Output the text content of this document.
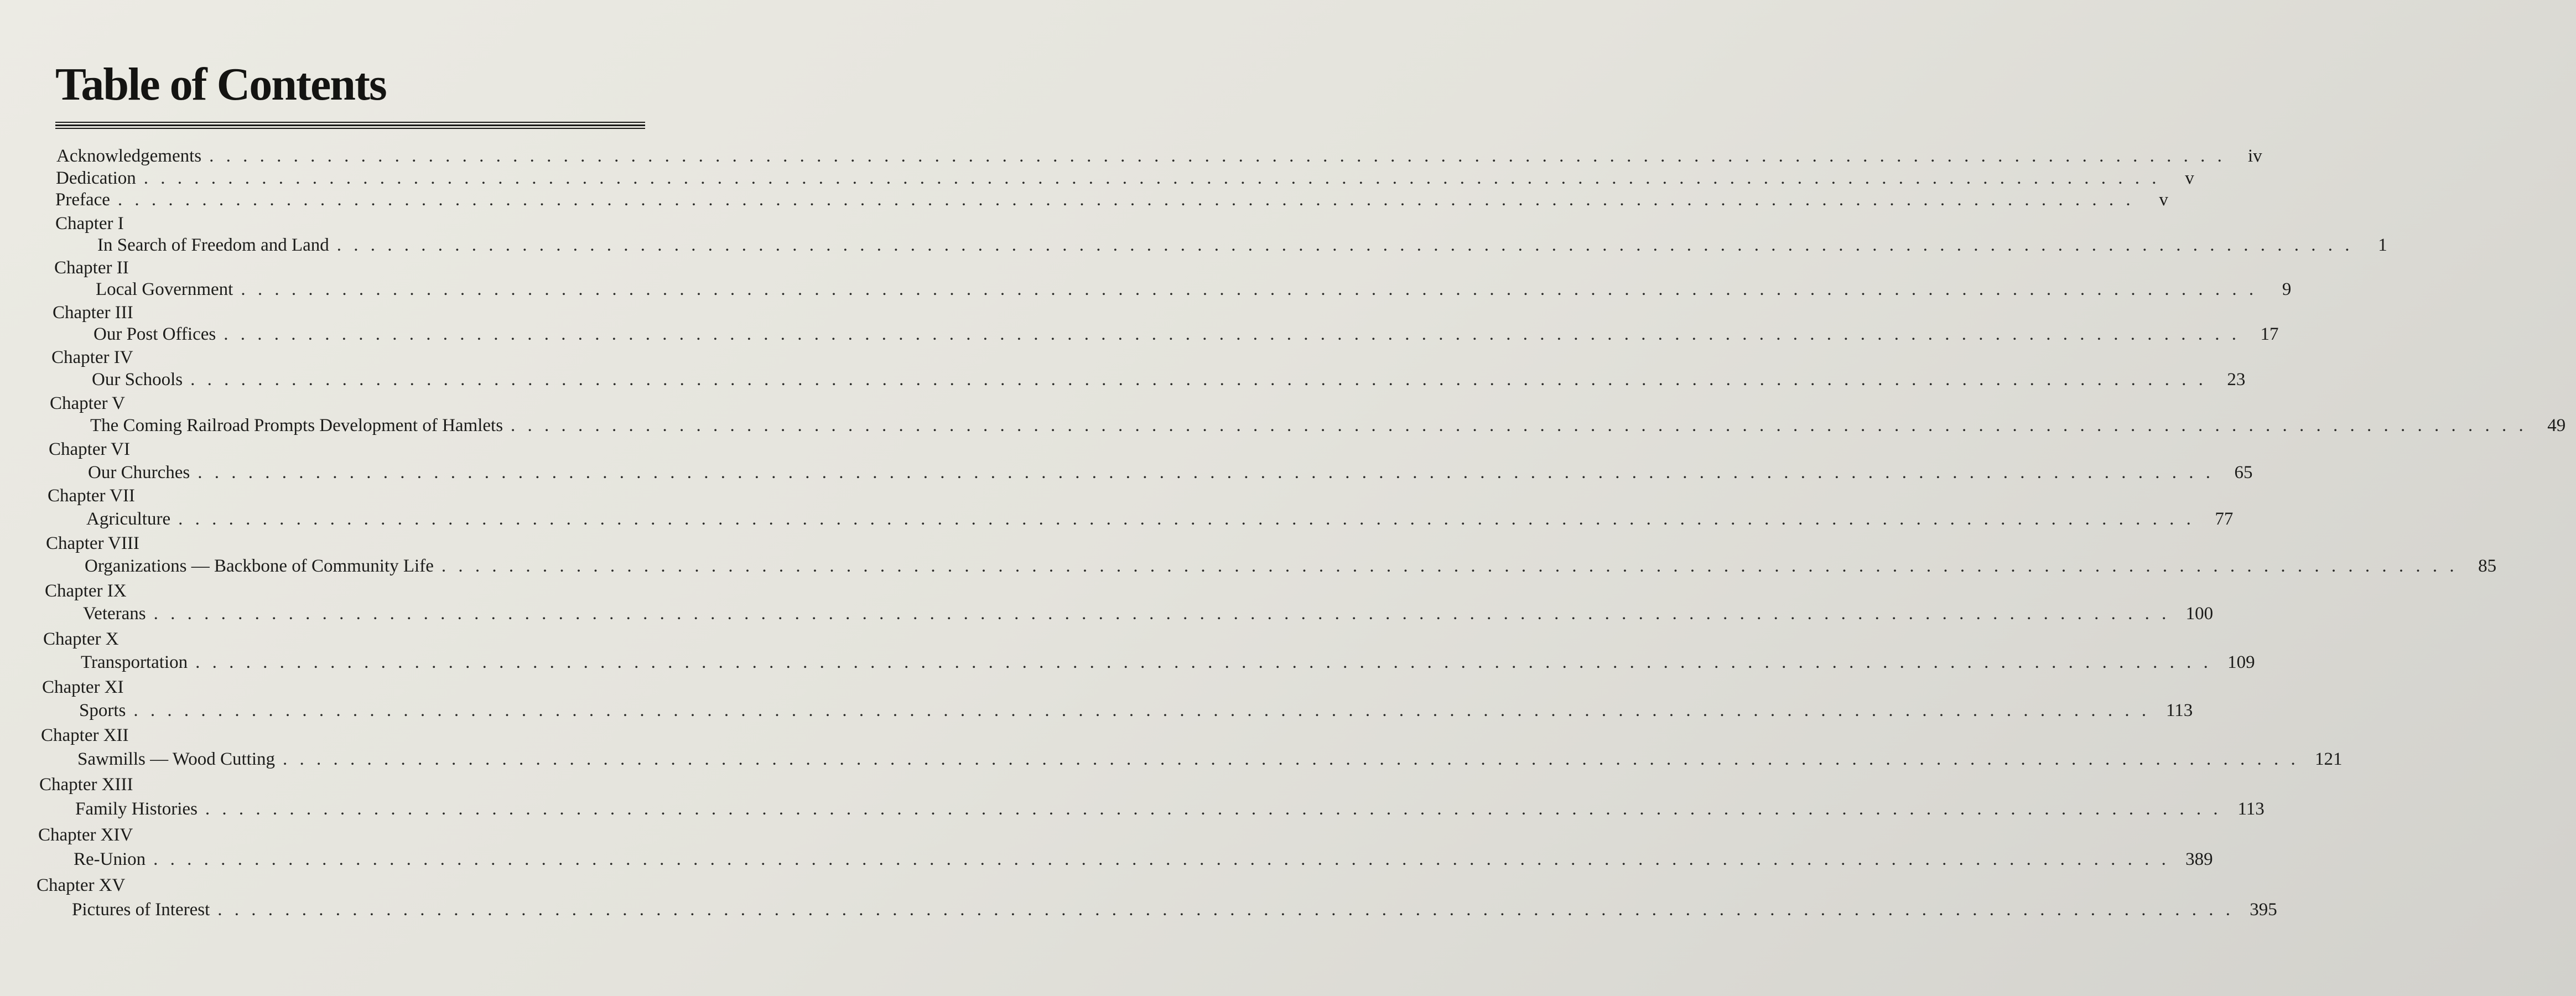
Table of Contents
Acknowledgements . . . . . . . . . . . . . . . . . . . . . . . . . . . . . . . . . . . . . . . . . . . . . . . . . . . . . . . . . . . . . . . . . . . . . . . . . . . . . . . . . . . . . . . . . . . . . . . . . . . . . . . . . . . . . . . . . . . . . . . .	iv
Dedication . . . . . . . . . . . . . . . . . . . . . . . . . . . . . . . . . . . . . . . . . . . . . . . . . . . . . . . . . . . . . . . . . . . . . . . . . . . . . . . . . . . . . . . . . . . . . . . . . . . . . . . . . . . . . . . . . . . . . . . .	v
Preface . . . . . . . . . . . . . . . . . . . . . . . . . . . . . . . . . . . . . . . . . . . . . . . . . . . . . . . . . . . . . . . . . . . . . . . . . . . . . . . . . . . . . . . . . . . . . . . . . . . . . . . . . . . . . . . . . . . . . . . .	v
Chapter I
In Search of Freedom and Land . . . . . . . . . . . . . . . . . . . . . . . . . . . . . . . . . . . . . . . . . . . . . . . . . . . . . . . . . . . . . . . . . . . . . . . . . . . . . . . . . . . . . . . . . . . . . . . . . . . . . . . . . . . . . . . . . . . . . . . .	1
Chapter II
Local Government . . . . . . . . . . . . . . . . . . . . . . . . . . . . . . . . . . . . . . . . . . . . . . . . . . . . . . . . . . . . . . . . . . . . . . . . . . . . . . . . . . . . . . . . . . . . . . . . . . . . . . . . . . . . . . . . . . . . . . . .	9
Chapter III
Our Post Offices . . . . . . . . . . . . . . . . . . . . . . . . . . . . . . . . . . . . . . . . . . . . . . . . . . . . . . . . . . . . . . . . . . . . . . . . . . . . . . . . . . . . . . . . . . . . . . . . . . . . . . . . . . . . . . . . . . . . . . . .	17
Chapter IV
Our Schools . . . . . . . . . . . . . . . . . . . . . . . . . . . . . . . . . . . . . . . . . . . . . . . . . . . . . . . . . . . . . . . . . . . . . . . . . . . . . . . . . . . . . . . . . . . . . . . . . . . . . . . . . . . . . . . . . . . . . . . .	23
Chapter V
The Coming Railroad Prompts Development of Hamlets . . . . . . . . . . . . . . . . . . . . . . . . . . . . . . . . . . . . . . . . . . . . . . . . . . . . . . . . . . . . . . . . . . . . . . . . . . . . . . . . . . . . . . . . . . . . . . . . . . . . . . . . . . . . . . . . . . . . . . . .	49
Chapter VI
Our Churches . . . . . . . . . . . . . . . . . . . . . . . . . . . . . . . . . . . . . . . . . . . . . . . . . . . . . . . . . . . . . . . . . . . . . . . . . . . . . . . . . . . . . . . . . . . . . . . . . . . . . . . . . . . . . . . . . . . . . . . .	65
Chapter VII
Agriculture . . . . . . . . . . . . . . . . . . . . . . . . . . . . . . . . . . . . . . . . . . . . . . . . . . . . . . . . . . . . . . . . . . . . . . . . . . . . . . . . . . . . . . . . . . . . . . . . . . . . . . . . . . . . . . . . . . . . . . . .	77
Chapter VIII
Organizations — Backbone of Community Life . . . . . . . . . . . . . . . . . . . . . . . . . . . . . . . . . . . . . . . . . . . . . . . . . . . . . . . . . . . . . . . . . . . . . . . . . . . . . . . . . . . . . . . . . . . . . . . . . . . . . . . . . . . . . . . . . . . . . . . .	85
Chapter IX
Veterans . . . . . . . . . . . . . . . . . . . . . . . . . . . . . . . . . . . . . . . . . . . . . . . . . . . . . . . . . . . . . . . . . . . . . . . . . . . . . . . . . . . . . . . . . . . . . . . . . . . . . . . . . . . . . . . . . . . . . . . . 100
Chapter X
Transportation . . . . . . . . . . . . . . . . . . . . . . . . . . . . . . . . . . . . . . . . . . . . . . . . . . . . . . . . . . . . . . . . . . . . . . . . . . . . . . . . . . . . . . . . . . . . . . . . . . . . . . . . . . . . . . . . . . . . . . . . 109
Chapter XI
Sports . . . . . . . . . . . . . . . . . . . . . . . . . . . . . . . . . . . . . . . . . . . . . . . . . . . . . . . . . . . . . . . . . . . . . . . . . . . . . . . . . . . . . . . . . . . . . . . . . . . . . . . . . . . . . . . . . . . . . . . . 113
Chapter XII
Sawmills — Wood Cutting . . . . . . . . . . . . . . . . . . . . . . . . . . . . . . . . . . . . . . . . . . . . . . . . . . . . . . . . . . . . . . . . . . . . . . . . . . . . . . . . . . . . . . . . . . . . . . . . . . . . . . . . . . . . . . . . . . . . . . . . 121
Chapter XIII
Family Histories . . . . . . . . . . . . . . . . . . . . . . . . . . . . . . . . . . . . . . . . . . . . . . . . . . . . . . . . . . . . . . . . . . . . . . . . . . . . . . . . . . . . . . . . . . . . . . . . . . . . . . . . . . . . . . . . . . . . . . . . 113
Chapter XIV
Re-Union . . . . . . . . . . . . . . . . . . . . . . . . . . . . . . . . . . . . . . . . . . . . . . . . . . . . . . . . . . . . . . . . . . . . . . . . . . . . . . . . . . . . . . . . . . . . . . . . . . . . . . . . . . . . . . . . . . . . . . . . 389
Chapter XV
Pictures of Interest . . . . . . . . . . . . . . . . . . . . . . . . . . . . . . . . . . . . . . . . . . . . . . . . . . . . . . . . . . . . . . . . . . . . . . . . . . . . . . . . . . . . . . . . . . . . . . . . . . . . . . . . . . . . . . . . . . . . . . . . 395
